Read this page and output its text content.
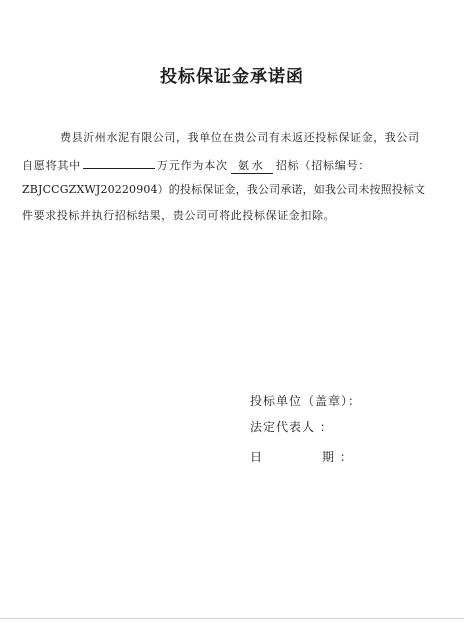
投标保证金承诺函
费县沂州水泥有限公司，我单位在贵公司有未返还投标保证金，我公司
自愿将其中	万元作为本次 氨水 招标（招标编号：
ZBJCCGZXWJ20220904）的投标保证金，我公司承诺，如我公司未按照投标文
件要求投标并执行招标结果，贵公司可将此投标保证金扣除。
投标单位（盖章）：
法定代表人 ：
日	期 ：
